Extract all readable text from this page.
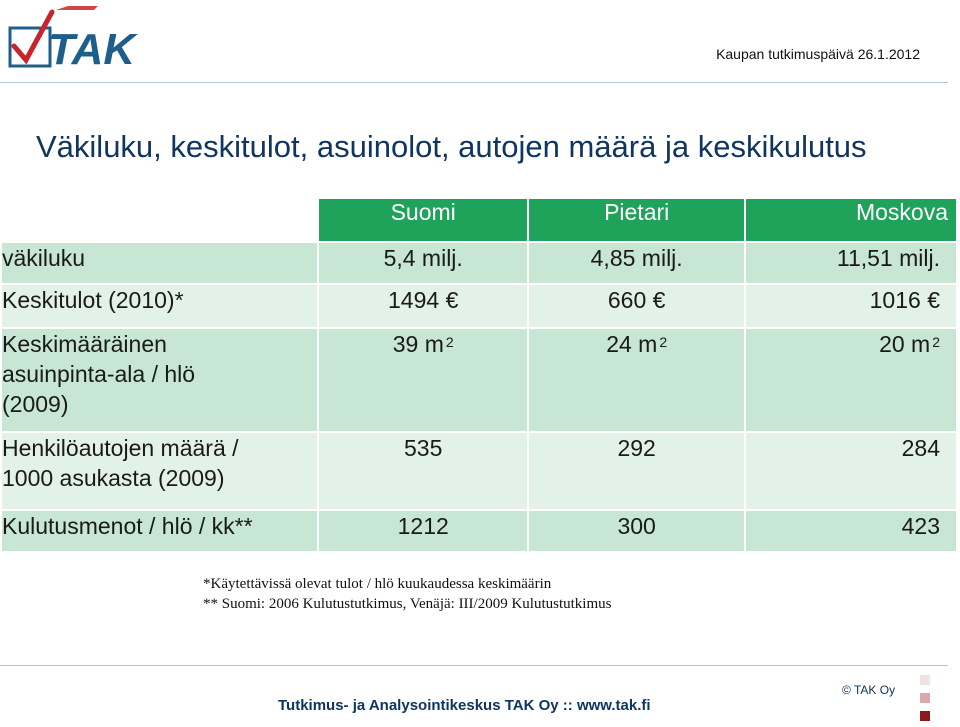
TAK	Kaupan tutkimuspäivä 26.1.2012
Väkiluku, keskitulot, asuinolot, autojen määrä ja keskikulutus
	Suomi	Pietari	Moskova
väkiluku	5,4 milj.	4,85 milj.	11,51 milj.
Keskitulot (2010)*	1494 €	660 €	1016 €

Keskimääräinen
asuinpinta-ala / hlö
(2009)	39 m $^2$	24 m $^2$	20 m $^2$

Henkilöautojen määrä /
1000 asukasta (2009)	535	292	284
Kulutusmenot / hlö / kk**	1212	300	423
*Käytettävissä olevat tulot / hlö kuukaudessa keskimäärin
** Suomi: 2006 Kulutustutkimus, Venäjä: III/2009 Kulutustutkimus
Tutkimus- ja Analysointikeskus TAK Oy :: www.tak.fi
© TAK Oy
